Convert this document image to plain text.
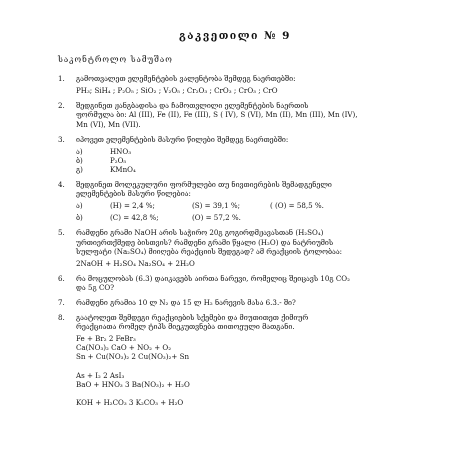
გაკვეთილი № 9
საკონტროლო სამუშაო
1.	გამოთვალეთ ელემენტების ვალენტობა შემდეგ ნაერთებში:
PH₃; SiH₄ ; P₂O₅ ; SiO₂ ; V₂O₅ ; Cr₂O₃ ; CrO₃ ; CrO₃ ; CrO
2.	შედგინეთ ჟანგბადისა და ჩამოთვლილი ელემენტების ნაერთის
ფორმულა ბი: Al (III), Fe (II), Fe (III), S ( IV), S (VI), Mn (II), Mn (III), Mn (IV),
Mn (VI), Mn (VII).
3.	იპოვეთ ელემენტების მასური წილები შემდეგ ნაერთებში:
ა)	HNO₃
ბ)	P₂O₅
გ)	KMnO₄
4.	შედგინეთ მოლეკულური ფორმულები თუ ნივთიერების შემადგენელი
ელემენტების მასური წილებია:
ა)	(H) = 2,4 %;	(S) = 39,1 %;	( (O) = 58,5 %.
ბ)	(C) = 42,8 %;	(O) = 57,2 %.
5.	რამდენი გრამი NaOH არის საჭირო 20გ გოგირდმჟავასთან (H₂SO₄)
ურთიერთქმედე ბისთვის? რამდენი გრამი წყალი (H₂O) და ნატრიუმის
სულფატი (Na₂SO₄) მიიღება რეაქციის შედეგად? ამ რეაქციის ტოლობაა:
2NaOH + H₂SO₄ Na₂SO₄ + 2H₂O
6.	რა მოცულობას (6.3) დაიკავებს აირთა ნარევი, რომელიც შეიცავს 10გ CO₂
და 5გ CO?
7.	რამდენი გრამია 10 ლ N₂ და 15 ლ H₂ ნარევის მასა 6.3.- ში?
8.	გაატოლეთ შემდეგი რეაქციების სქემები და მიუთითეთ ქიმიურ
რეაქციათა რომელ ტიპს მიეკუთვნება თითოეული მათგანი.
Fe + Br₂ 2 FeBr₃
Ca(NO₃)₂ CaO + NO₂ + O₂
Sn + Cu(NO₃)₂ 2 Cu(NO₃)₂+ Sn
As + I₂ 2 AsI₃
BaO + HNO₃ 3 Ba(NO₃)₂ + H₂O
KOH + H₂CO₃ 3 K₂CO₃ + H₂O
